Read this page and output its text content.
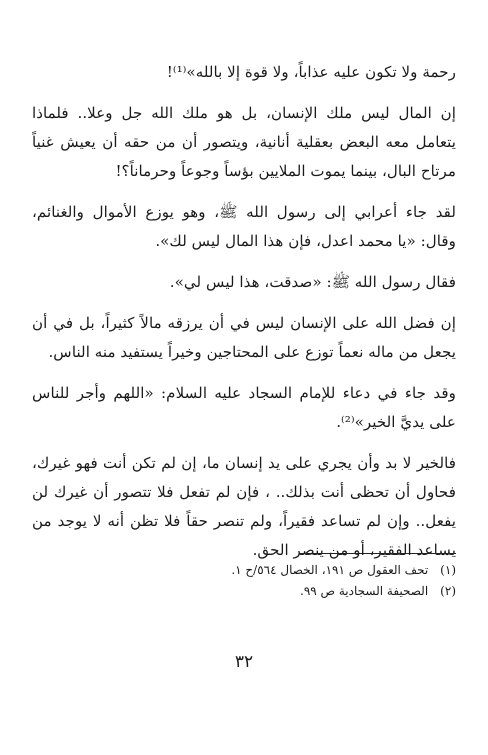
رحمة ولا تكون عليه عذاباً، ولا قوة إلا بالله»⁽¹⁾!

إن المال ليس ملك الإنسان، بل هو ملك الله جل وعلا.. فلماذا يتعامل معه البعض بعقلية أنانية، ويتصور أن من حقه أن يعيش غنياً مرتاح البال، بينما يموت الملايين بؤساً وجوعاً وحرماناً؟!

لقد جاء أعرابي إلى رسول الله ﷺ، وهو يوزع الأموال والغنائم، وقال: «يا محمد اعدل، فإن هذا المال ليس لك».

فقال رسول الله ﷺ: «صدقت، هذا ليس لي».

إن فضل الله على الإنسان ليس في أن يرزقه مالاً كثيراً، بل في أن يجعل من ماله نعماً توزع على المحتاجين وخيراً يستفيد منه الناس.

وقد جاء في دعاء للإمام السجاد عليه السلام: «اللهم وأجر للناس على يديَّ الخير»⁽²⁾.

فالخير لا بد وأن يجري على يد إنسان ما، إن لم تكن أنت فهو غيرك، فحاول أن تحظى أنت بذلك.. ، فإن لم تفعل فلا تتصور أن غيرك لن يفعل.. وإن لم تساعد فقيراً، ولم تنصر حقاً فلا تظن أنه لا يوجد من يساعد الفقير، أو من ينصر الحق.

(١)تحف العقول ص ١٩١، الخصال ٥٦٤/ح ١.

(٢)الصحيفة السجادية ص ٩٩.

٣٢
